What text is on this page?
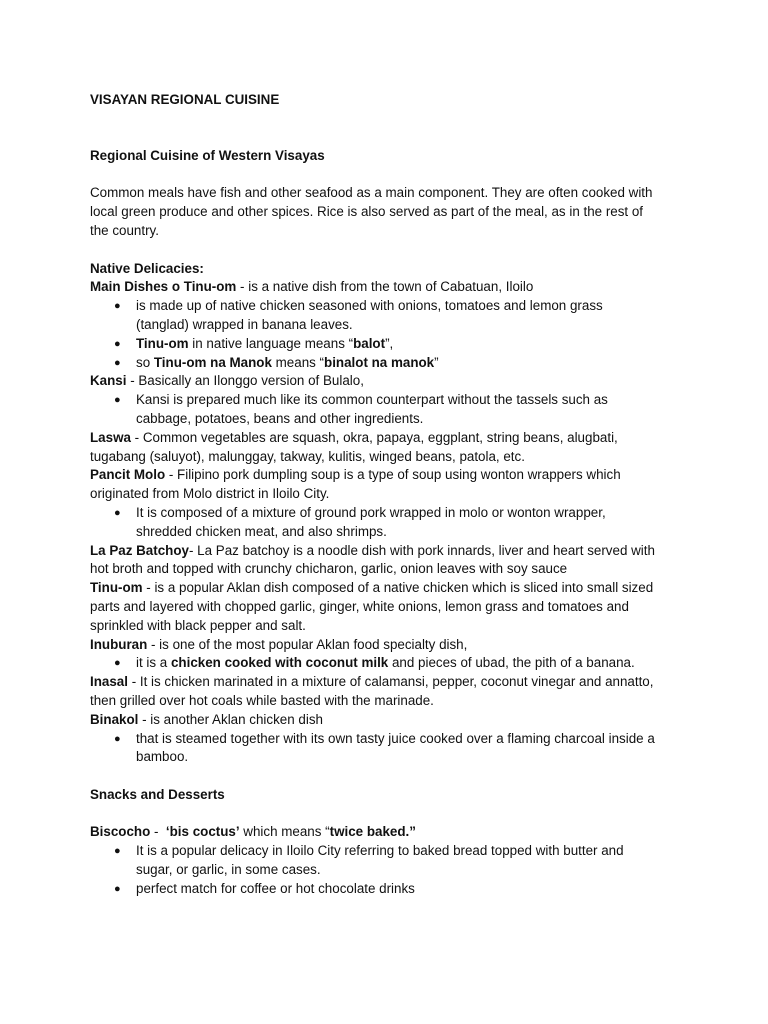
VISAYAN REGIONAL CUISINE

Regional Cuisine of Western Visayas

Common meals have fish and other seafood as a main component. They are often cooked with

local green produce and other spices. Rice is also served as part of the meal, as in the rest of

the country.

Native Delicacies:

Main Dishes o Tinu-om - is a native dish from the town of Cabatuan, Iloilo

● is made up of native chicken seasoned with onions, tomatoes and lemon grass
(tanglad) wrapped in banana leaves.
● Tinu-om in native language means “balot”,
● so Tinu-om na Manok means “binalot na manok”

Kansi - Basically an Ilonggo version of Bulalo,

● Kansi is prepared much like its common counterpart without the tassels such as
cabbage, potatoes, beans and other ingredients.

Laswa - Common vegetables are squash, okra, papaya, eggplant, string beans, alugbati,

tugabang (saluyot), malunggay, takway, kulitis, winged beans, patola, etc.

Pancit Molo - Filipino pork dumpling soup is a type of soup using wonton wrappers which

originated from Molo district in Iloilo City.

● It is composed of a mixture of ground pork wrapped in molo or wonton wrapper,
shredded chicken meat, and also shrimps.

La Paz Batchoy- La Paz batchoy is a noodle dish with pork innards, liver and heart served with

hot broth and topped with crunchy chicharon, garlic, onion leaves with soy sauce

Tinu-om - is a popular Aklan dish composed of a native chicken which is sliced into small sized

parts and layered with chopped garlic, ginger, white onions, lemon grass and tomatoes and

sprinkled with black pepper and salt.

Inuburan - is one of the most popular Aklan food specialty dish,

● it is a chicken cooked with coconut milk and pieces of ubad, the pith of a banana.

Inasal - It is chicken marinated in a mixture of calamansi, pepper, coconut vinegar and annatto,

then grilled over hot coals while basted with the marinade.

Binakol - is another Aklan chicken dish

● that is steamed together with its own tasty juice cooked over a flaming charcoal inside a
bamboo.

Snacks and Desserts

Biscocho -  ‘bis coctus’ which means “twice baked.”

● It is a popular delicacy in Iloilo City referring to baked bread topped with butter and
sugar, or garlic, in some cases.
● perfect match for coffee or hot chocolate drinks
